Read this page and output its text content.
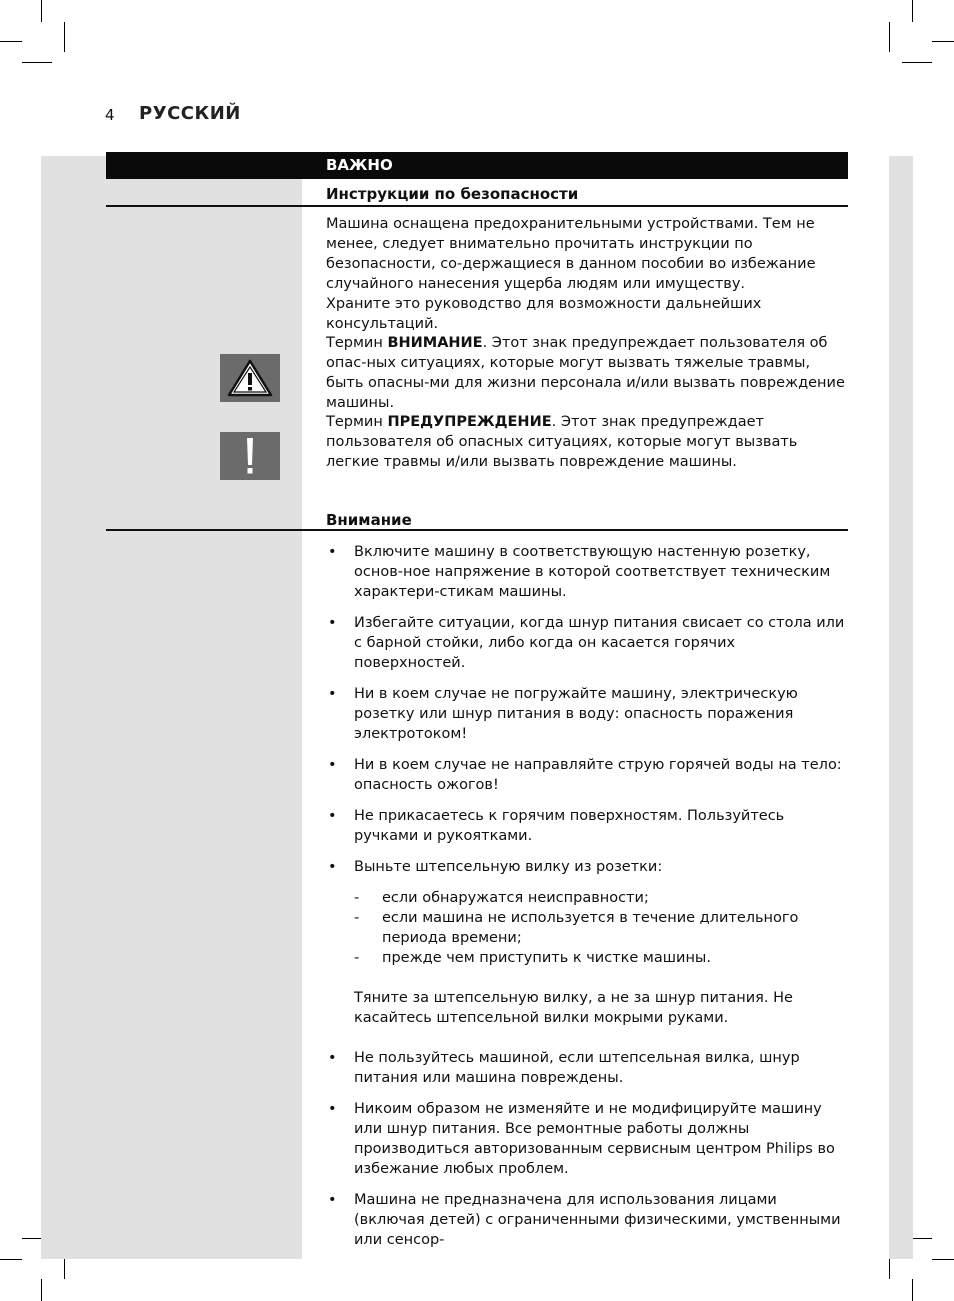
4 РУССКИЙ
ВАЖНО
Инструкции по безопасности

Машина оснащена предохранительными устройствами. Тем не менее, следует внимательно прочитать инструкции по безопасности, со-держащиеся в данном пособии во избежание случайного нанесения ущерба людям или имуществу.

Храните это руководство для возможности дальнейших консультаций.

Термин ВНИМАНИЕ. Этот знак предупреждает пользователя об опас-ных ситуациях, которые могут вызвать тяжелые травмы, быть опасны-ми для жизни персонала и/или вызвать повреждение машины.

Термин ПРЕДУПРЕЖДЕНИЕ. Этот знак предупреждает пользователя об опасных ситуациях, которые могут вызвать легкие травмы и/или вызвать повреждение машины.

Внимание
•	Включите машину в соответствующую настенную розетку, основ-ное напряжение в которой соответствует техническим характери-стикам машины.
•	Избегайте ситуации, когда шнур питания свисает со стола или с барной стойки, либо когда он касается горячих поверхностей.
•	Ни в коем случае не погружайте машину, электрическую розетку или шнур питания в воду: опасность поражения электротоком!
•	Ни в коем случае не направляйте струю горячей воды на тело: опасность ожогов!
•	Не прикасаетесь к горячим поверхностям. Пользуйтесь ручками и рукоятками.
•	Выньте штепсельную вилку из розетки:
-	если обнаружатся неисправности;
-	если машина не используется в течение длительного периода времени;
-	прежде чем приступить к чистке машины.
Тяните за штепсельную вилку, а не за шнур питания. Не касайтесь штепсельной вилки мокрыми руками.
•	Не пользуйтесь машиной, если штепсельная вилка, шнур питания или машина повреждены.
•	Никоим образом не изменяйте и не модифицируйте машину или шнур питания. Все ремонтные работы должны производиться авторизованным сервисным центром Philips во избежание любых проблем.
•	Машина не предназначена для использования лицами (включая детей) с ограниченными физическими, умственными или сенсор-
